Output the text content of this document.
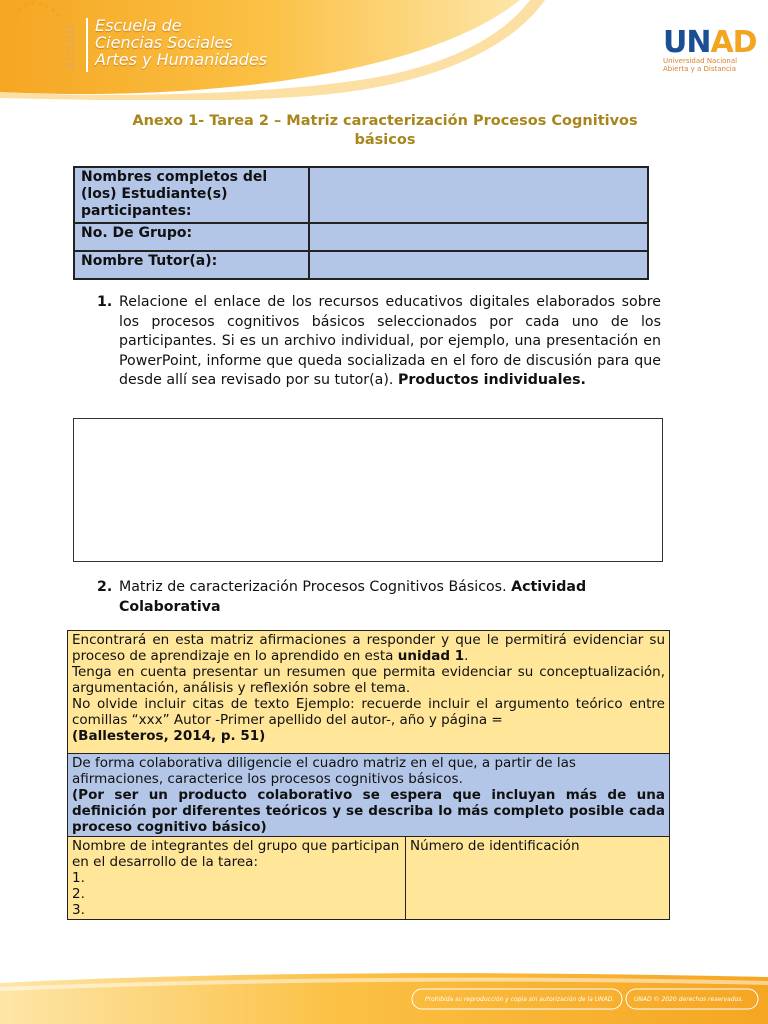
ECSAH Escuela de
Ciencias Sociales
Artes y Humanidades	UNAD
Universidad Nacional
Abierta y a Distancia
Anexo 1- Tarea 2 – Matriz caracterización Procesos Cognitivos
básicos
Nombres completos del (los) Estudiante(s) participantes:	
No. De Grupo:	
Nombre Tutor(a):	
1. Relacione el enlace de los recursos educativos digitales elaborados sobre los procesos cognitivos básicos seleccionados por cada uno de los participantes. Si es un archivo individual, por ejemplo, una presentación en PowerPoint, informe que queda socializada en el foro de discusión para que desde allí sea revisado por su tutor(a). Productos individuales.
2. Matriz de caracterización Procesos Cognitivos Básicos. Actividad Colaborativa
Encontrará en esta matriz afirmaciones a responder y que le permitirá evidenciar su proceso de aprendizaje en lo aprendido en esta unidad 1.
Tenga en cuenta presentar un resumen que permita evidenciar su conceptualización, argumentación, análisis y reflexión sobre el tema.
No olvide incluir citas de texto Ejemplo: recuerde incluir el argumento teórico entre comillas “xxx” Autor -Primer apellido del autor-, año y página =
(Ballesteros, 2014, p. 51)

De forma colaborativa diligencie el cuadro matriz en el que, a partir de las afirmaciones, caracterice los procesos cognitivos básicos.
(Por ser un producto colaborativo se espera que incluyan más de una definición por diferentes teóricos y se describa lo más completo posible cada proceso cognitivo básico)

Nombre de integrantes del grupo que participan en el desarrollo de la tarea:
1.
2.
3.

Número de identificación
Prohibida su reproducción y copia sin autorización de la UNAD.	UNAD © 2020 derechos reservados.
